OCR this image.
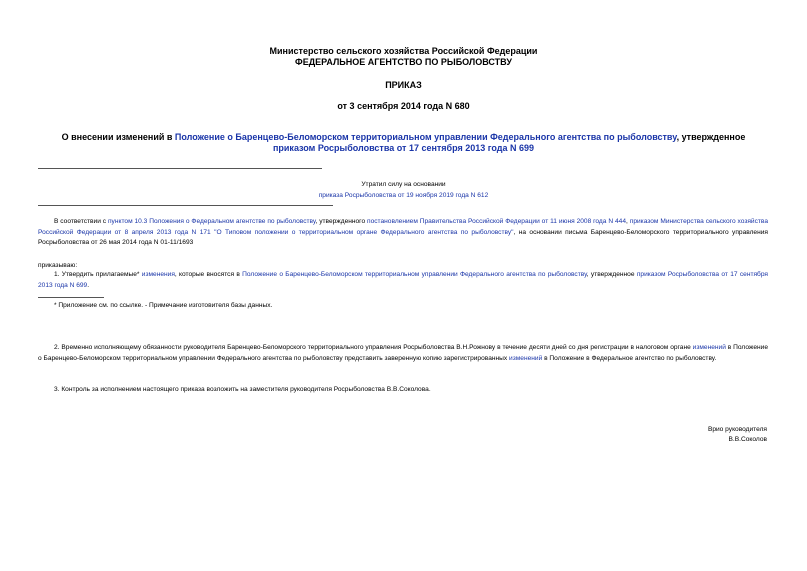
Министерство сельского хозяйства Российской Федерации
ФЕДЕРАЛЬНОЕ АГЕНТСТВО ПО РЫБОЛОВСТВУ
ПРИКАЗ
от 3 сентября 2014 года N 680
О внесении изменений в Положение о Баренцево-Беломорском территориальном управлении Федерального агентства по рыболовству, утвержденное приказом Росрыболовства от 17 сентября 2013 года N 699
Утратил силу на основании
приказа Росрыболовства от 19 ноября 2019 года N 612
В соответствии с пунктом 10.3 Положения о Федеральном агентстве по рыболовству, утвержденного постановлением Правительства Российской Федерации от 11 июня 2008 года N 444, приказом Министерства сельского хозяйства Российской Федерации от 8 апреля 2013 года N 171 "О Типовом положении о территориальном органе Федерального агентства по рыболовству", на основании письма Баренцево-Беломорского территориального управления Росрыболовства от 26 мая 2014 года N 01-11/1693
приказываю:
1. Утвердить прилагаемые* изменения, которые вносятся в Положение о Баренцево-Беломорском территориальном управлении Федерального агентства по рыболовству, утвержденное приказом Росрыболовства от 17 сентября 2013 года N 699.
* Приложение см. по ссылке. - Примечание изготовителя базы данных.
2. Временно исполняющему обязанности руководителя Баренцево-Беломорского территориального управления Росрыболовства В.Н.Рожнову в течение десяти дней со дня регистрации в налоговом органе изменений в Положение о Баренцево-Беломорском территориальном управлении Федерального агентства по рыболовству представить заверенную копию зарегистрированных изменений в Положение в Федеральное агентство по рыболовству.
3. Контроль за исполнением настоящего приказа возложить на заместителя руководителя Росрыболовства В.В.Соколова.
Врио руководителя
В.В.Соколов
